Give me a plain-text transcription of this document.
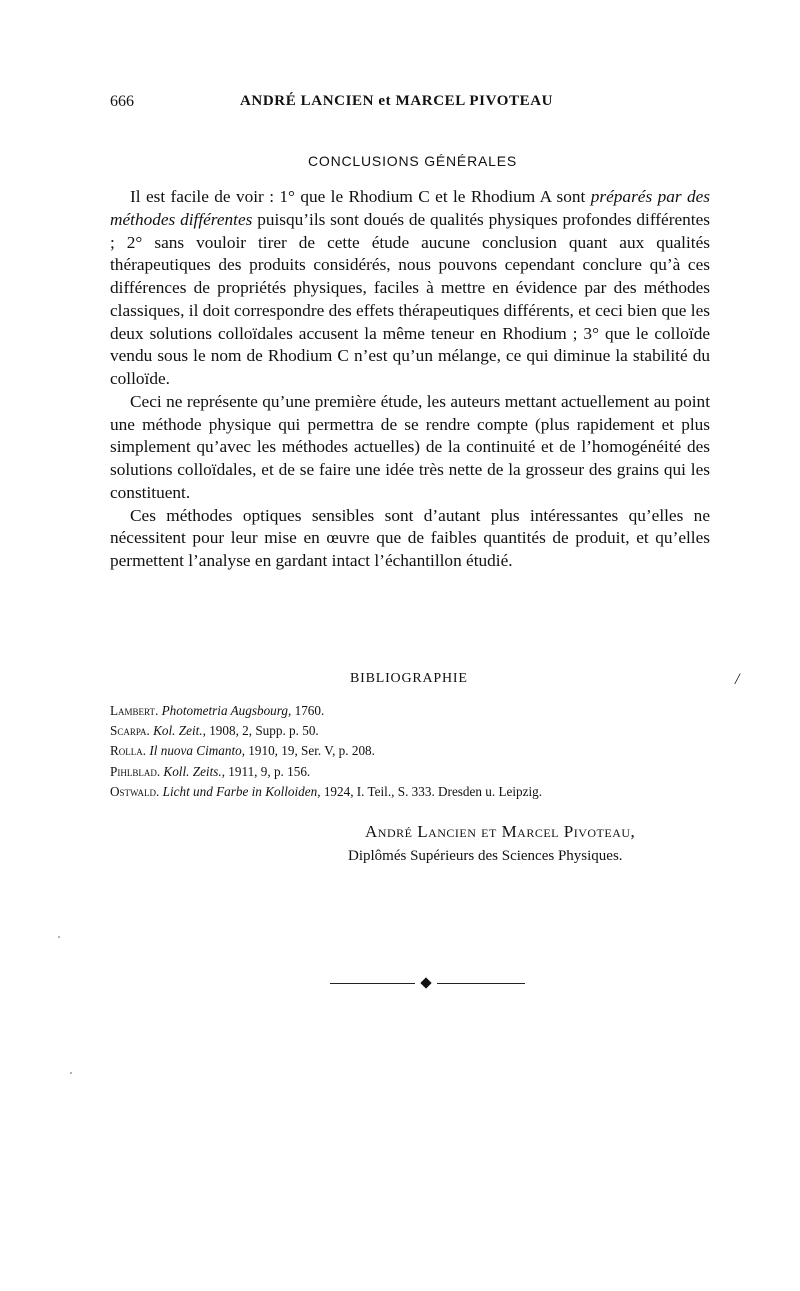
666	ANDRÉ LANCIEN et MARCEL PIVOTEAU
CONCLUSIONS GÉNÉRALES

Il est facile de voir : 1° que le Rhodium C et le Rhodium A sont préparés par des méthodes différentes puisqu’ils sont doués de qualités physiques profondes différentes ; 2° sans vouloir tirer de cette étude aucune conclusion quant aux qualités thérapeutiques des produits considérés, nous pouvons cependant conclure qu’à ces différences de propriétés physiques, faciles à mettre en évidence par des méthodes classiques, il doit correspondre des effets thérapeutiques différents, et ceci bien que les deux solutions colloïdales accusent la même teneur en Rhodium ; 3° que le colloïde vendu sous le nom de Rhodium C n’est qu’un mélange, ce qui diminue la stabilité du colloïde.

Ceci ne représente qu’une première étude, les auteurs mettant actuellement au point une méthode physique qui permettra de se rendre compte (plus rapidement et plus simplement qu’avec les méthodes actuelles) de la continuité et de l’homogénéité des solutions colloïdales, et de se faire une idée très nette de la grosseur des grains qui les constituent.

Ces méthodes optiques sensibles sont d’autant plus intéressantes qu’elles ne nécessitent pour leur mise en œuvre que de faibles quantités de produit, et qu’elles permettent l’analyse en gardant intact l’échantillon étudié.

BIBLIOGRAPHIE	/
Lambert. Photometria Augsbourg, 1760.
Scarpa. Kol. Zeit., 1908, 2, Supp. p. 50.
Rolla. Il nuova Cimanto, 1910, 19, Ser. V, p. 208.
Pihlblad. Koll. Zeits., 1911, 9, p. 156.
Ostwald. Licht und Farbe in Kolloiden, 1924, I. Teil., S. 333. Dresden u. Leipzig.
André Lancien et Marcel Pivoteau,
Diplômés Supérieurs des Sciences Physiques.
